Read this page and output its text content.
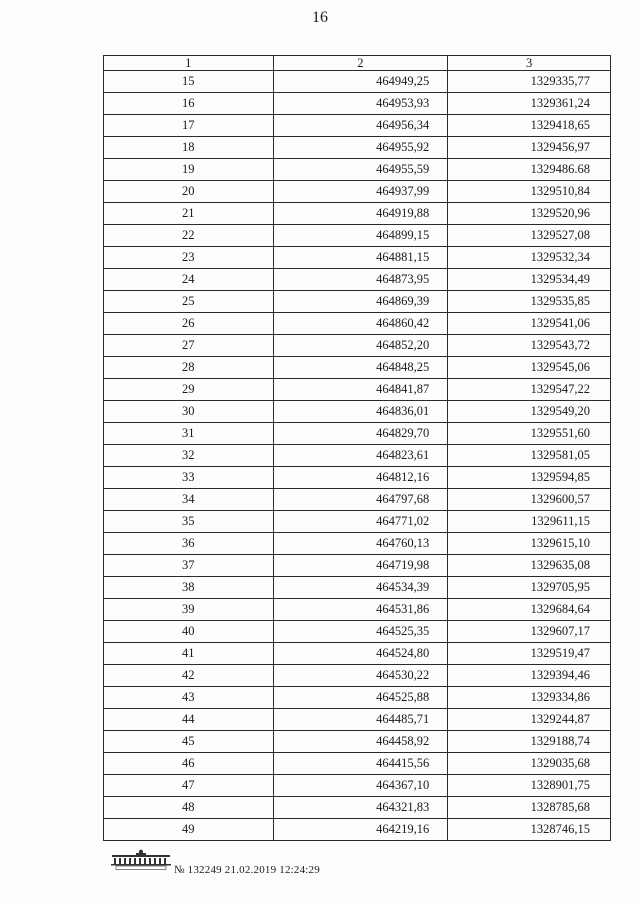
16
1	2	3
15	464949,25	1329335,77
16	464953,93	1329361,24
17	464956,34	1329418,65
18	464955,92	1329456,97
19	464955,59	1329486.68
20	464937,99	1329510,84
21	464919,88	1329520,96
22	464899,15	1329527,08
23	464881,15	1329532,34
24	464873,95	1329534,49
25	464869,39	1329535,85
26	464860,42	1329541,06
27	464852,20	1329543,72
28	464848,25	1329545,06
29	464841,87	1329547,22
30	464836,01	1329549,20
31	464829,70	1329551,60
32	464823,61	1329581,05
33	464812,16	1329594,85
34	464797,68	1329600,57
35	464771,02	1329611,15
36	464760,13	1329615,10
37	464719,98	1329635,08
38	464534,39	1329705,95
39	464531,86	1329684,64
40	464525,35	1329607,17
41	464524,80	1329519,47
42	464530,22	1329394,46
43	464525,88	1329334,86
44	464485,71	1329244,87
45	464458,92	1329188,74
46	464415,56	1329035,68
47	464367,10	1328901,75
48	464321,83	1328785,68
49	464219,16	1328746,15
№ 132249 21.02.2019 12:24:29
